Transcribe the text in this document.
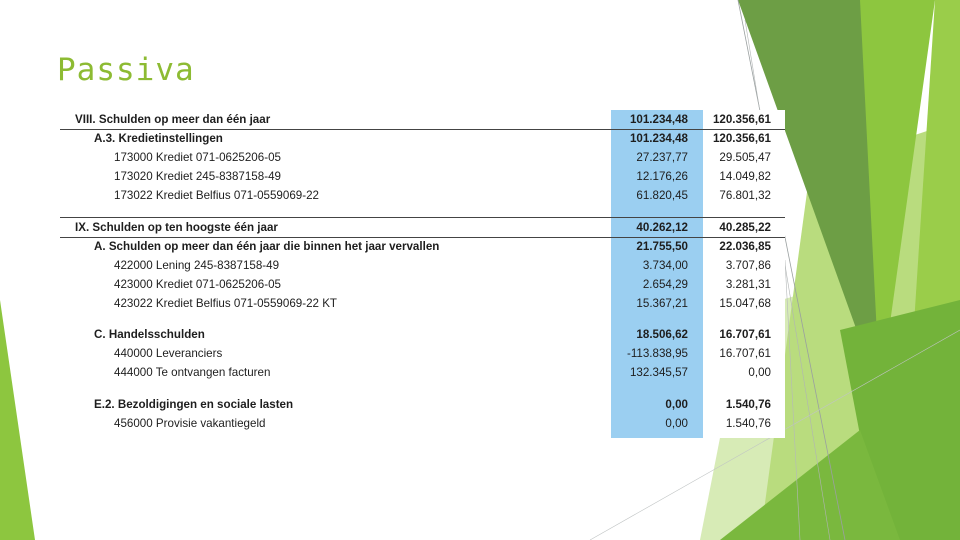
Passiva
VIII. Schulden op meer dan één jaar	101.234,48 120.356,61
A.3. Kredietinstellingen	101.234,48 120.356,61
173000 Krediet 071-0625206-05	27.237,77	29.505,47
173020 Krediet 245-8387158-49	12.176,26	14.049,82
173022 Krediet Belfius 071-0559069-22	61.820,45	76.801,32
IX. Schulden op ten hoogste één jaar	40.262,12	40.285,22
A. Schulden op meer dan één jaar die binnen het jaar vervallen	21.755,50	22.036,85
422000 Lening 245-8387158-49	3.734,00	3.707,86
423000 Krediet 071-0625206-05	2.654,29	3.281,31
423022 Krediet Belfius 071-0559069-22 KT	15.367,21	15.047,68
C. Handelsschulden	18.506,62	16.707,61
440000 Leveranciers	-113.838,95	16.707,61
444000 Te ontvangen facturen	132.345,57	0,00
E.2. Bezoldigingen en sociale lasten	0,00	1.540,76
456000 Provisie vakantiegeld	0,00	1.540,76
